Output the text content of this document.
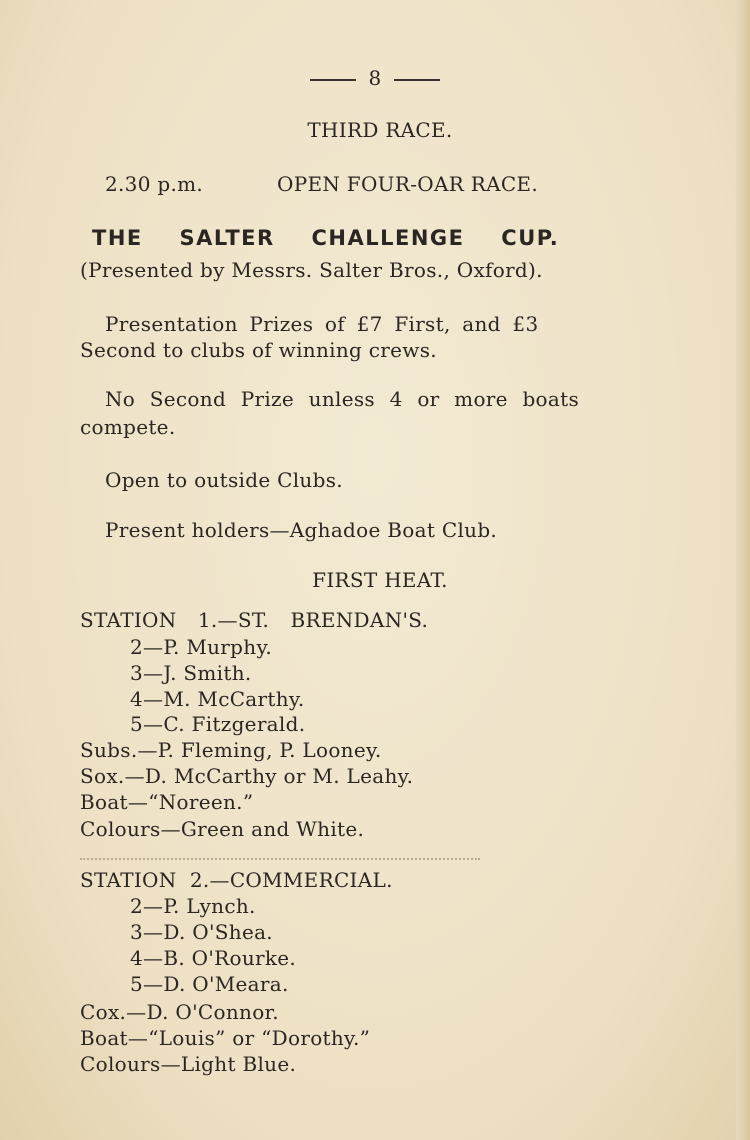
8
THIRD RACE.
2.30 p.m.	OPEN FOUR-OAR RACE.
THE SALTER CHALLENGE CUP.
(Presented by Messrs. Salter Bros., Oxford).
Presentation Prizes of £7 First, and £3
Second to clubs of winning crews.
No Second Prize unless 4 or more boats
compete.
Open to outside Clubs.
Present holders—Aghadoe Boat Club.
FIRST HEAT.
STATION  1.—ST.  BRENDAN'S.
2—P. Murphy.
3—J. Smith.
4—M. McCarthy.
5—C. Fitzgerald.
Subs.—P. Fleming, P. Looney.
Sox.—D. McCarthy or M. Leahy.
Boat—“Noreen.”
Colours—Green and White.
STATION  2.—COMMERCIAL.
2—P. Lynch.
3—D. O'Shea.
4—B. O'Rourke.
5—D. O'Meara.
Cox.—D. O'Connor.
Boat—“Louis” or “Dorothy.”
Colours—Light Blue.
